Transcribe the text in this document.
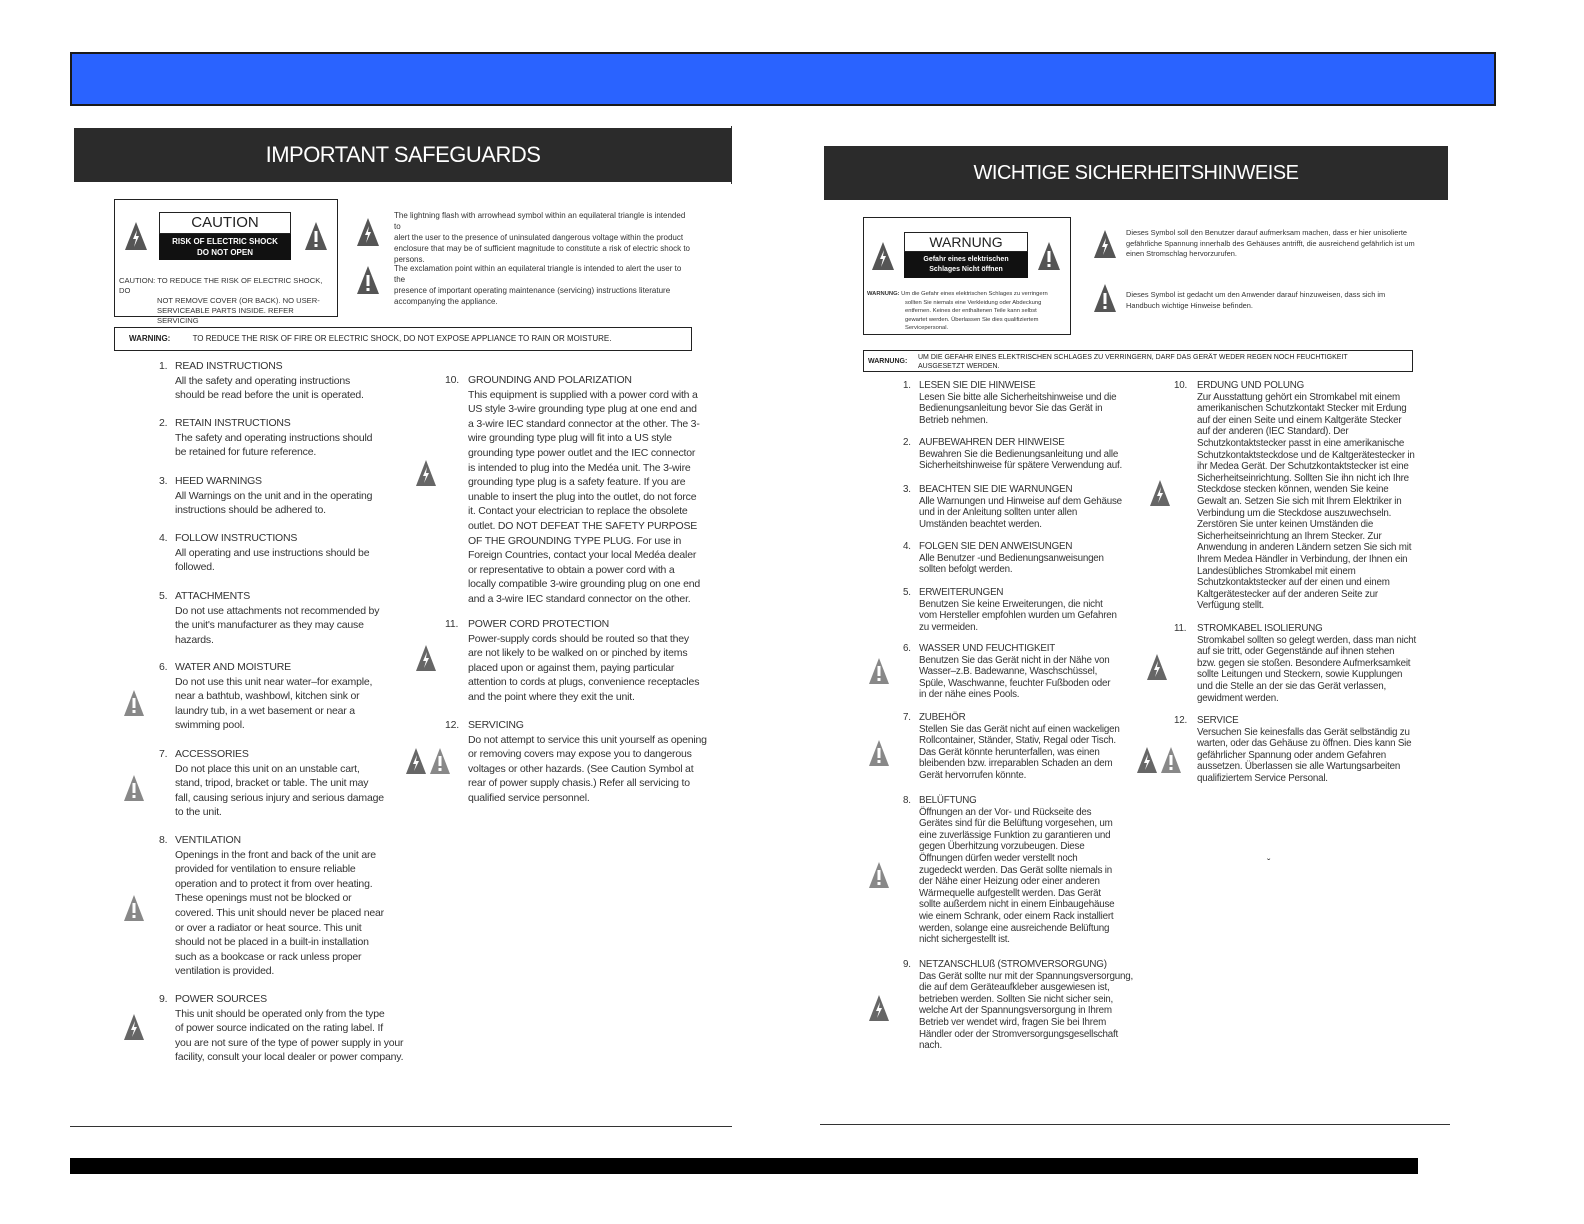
IMPORTANT SAFEGUARDS
CAUTION
RISK OF ELECTRIC SHOCK
DO NOT OPEN
CAUTION: TO REDUCE THE RISK OF ELECTRIC SHOCK, DO
NOT REMOVE COVER (OR BACK). NO USER-
SERVICEABLE PARTS INSIDE. REFER SERVICING
The lightning flash with arrowhead symbol within an equilateral triangle is intended to
alert the user to the presence of uninsulated dangerous voltage within the product
enclosure that may be of sufficient magnitude to constitute a risk of electric shock to
persons.
The exclamation point within an equilateral triangle is intended to alert the user to the
presence of important operating maintenance (servicing) instructions literature
accompanying the appliance.
WARNING:	TO REDUCE THE RISK OF FIRE OR ELECTRIC SHOCK, DO NOT EXPOSE APPLIANCE TO RAIN OR MOISTURE.
1. READ INSTRUCTIONS
All the safety and operating instructions
should be read before the unit is operated.
2. RETAIN INSTRUCTIONS
The safety and operating instructions should
be retained for future reference.
3. HEED WARNINGS
All Warnings on the unit and in the operating
instructions should be adhered to.
4. FOLLOW INSTRUCTIONS
All operating and use instructions should be
followed.
5. ATTACHMENTS
Do not use attachments not recommended by
the unit's manufacturer as they may cause
hazards.
6. WATER AND MOISTURE
Do not use this unit near water–for example,
near a bathtub, washbowl, kitchen sink or
laundry tub, in a wet basement or near a
swimming pool.
7. ACCESSORIES
Do not place this unit on an unstable cart,
stand, tripod, bracket or table. The unit may
fall, causing serious injury and serious damage
to the unit.
8. VENTILATION
Openings in the front and back of the unit are
provided for ventilation to ensure reliable
operation and to protect it from over heating.
These openings must not be blocked or
covered. This unit should never be placed near
or over a radiator or heat source. This unit
should not be placed in a built-in installation
such as a bookcase or rack unless proper
ventilation is provided.
9. POWER SOURCES
This unit should be operated only from the type
of power source indicated on the rating label. If
you are not sure of the type of power supply in your
facility, consult your local dealer or power company.
10. GROUNDING AND POLARIZATION
This equipment is supplied with a power cord with a
US style 3-wire grounding type plug at one end and
a 3-wire IEC standard connector at the other. The 3-
wire grounding type plug will fit into a US style
grounding type power outlet and the IEC connector
is intended to plug into the Medéa unit. The 3-wire
grounding type plug is a safety feature. If you are
unable to insert the plug into the outlet, do not force
it. Contact your electrician to replace the obsolete
outlet. DO NOT DEFEAT THE SAFETY PURPOSE
OF THE GROUNDING TYPE PLUG. For use in
Foreign Countries, contact your local Medéa dealer
or representative to obtain a power cord with a
locally compatible 3-wire grounding plug on one end
and a 3-wire IEC standard connector on the other.
11. POWER CORD PROTECTION
Power-supply cords should be routed so that they
are not likely to be walked on or pinched by items
placed upon or against them, paying particular
attention to cords at plugs, convenience receptacles
and the point where they exit the unit.
12. SERVICING
Do not attempt to service this unit yourself as opening
or removing covers may expose you to dangerous
voltages or other hazards. (See Caution Symbol at
rear of power supply chasis.) Refer all servicing to
qualified service personnel.
WICHTIGE SICHERHEITSHINWEISE
WARNUNG
Gefahr eines elektrischen
Schlages Nicht öffnen
WARNUNG: Um die Gefahr eines elektrischen Schlages zu verringern
sollten Sie niemals eine Verkleidung oder Abdeckung
entfernen. Keines der enthaltenen Teile kann selbst
gewartet werden. Überlassen Sie dies qualifiziertem
Servicepersonal.
Dieses Symbol soll den Benutzer darauf aufmerksam machen, dass er hier unisolierte
gefährliche Spannung innerhalb des Gehäuses antrifft, die ausreichend gefährlich ist um
einen Stromschlag hervorzurufen.
Dieses Symbol ist gedacht um den Anwender darauf hinzuweisen, dass sich im
Handbuch wichtige Hinweise befinden.
WARNUNG:
UM DIE GEFAHR EINES ELEKTRISCHEN SCHLAGES ZU VERRINGERN, DARF DAS GERÄT WEDER REGEN NOCH FEUCHTIGKEIT
AUSGESETZT WERDEN.
ˇ
1. LESEN SIE DIE HINWEISE
Lesen Sie bitte alle Sicherheitshinweise und die
Bedienungsanleitung bevor Sie das Gerät in
Betrieb nehmen.
2. AUFBEWAHREN DER HINWEISE
Bewahren Sie die Bedienungsanleitung und alle
Sicherheitshinweise für spätere Verwendung auf.
3. BEACHTEN SIE DIE WARNUNGEN
Alle Warnungen und Hinweise auf dem Gehäuse
und in der Anleitung sollten unter allen
Umständen beachtet werden.
4. FOLGEN SIE DEN ANWEISUNGEN
Alle Benutzer -und Bedienungsanweisungen
sollten befolgt werden.
5. ERWEITERUNGEN
Benutzen Sie keine Erweiterungen, die nicht
vom Hersteller empfohlen wurden um Gefahren
zu vermeiden.
6. WASSER UND FEUCHTIGKEIT
Benutzen Sie das Gerät nicht in der Nähe von
Wasser–z.B. Badewanne, Waschschüssel,
Spüle, Waschwanne, feuchter Fußboden oder
in der nähe eines Pools.
7. ZUBEHÖR
Stellen Sie das Gerät nicht auf einen wackeligen
Rollcontainer, Ständer, Stativ, Regal oder Tisch.
Das Gerät könnte herunterfallen, was einen
bleibenden bzw. irreparablen Schaden an dem
Gerät hervorrufen könnte.
8. BELÜFTUNG
Öffnungen an der Vor- und Rückseite des
Gerätes sind für die Belüftung vorgesehen, um
eine zuverlässige Funktion zu garantieren und
gegen Überhitzung vorzubeugen. Diese
Öffnungen dürfen weder verstellt noch
zugedeckt werden. Das Gerät sollte niemals in
der Nähe einer Heizung oder einer anderen
Wärmequelle aufgestellt werden. Das Gerät
sollte außerdem nicht in einem Einbaugehäuse
wie einem Schrank, oder einem Rack installiert
werden, solange eine ausreichende Belüftung
nicht sichergestellt ist.
9. NETZANSCHLUß (STROMVERSORGUNG)
Das Gerät sollte nur mit der Spannungsversorgung,
die auf dem Geräteaufkleber ausgewiesen ist,
betrieben werden. Sollten Sie nicht sicher sein,
welche Art der Spannungsversorgung in Ihrem
Betrieb ver wendet wird, fragen Sie bei Ihrem
Händler oder der Stromversorgungsgesellschaft
nach.
10. ERDUNG UND POLUNG
Zur Ausstattung gehört ein Stromkabel mit einem
amerikanischen Schutzkontakt Stecker mit Erdung
auf der einen Seite und einem Kaltgeräte Stecker
auf der anderen (IEC Standard). Der
Schutzkontaktstecker passt in eine amerikanische
Schutzkontaktsteckdose und de Kaltgerätestecker in
ihr Medea Gerät. Der Schutzkontaktstecker ist eine
Sicherheitseinrichtung. Sollten Sie ihn nicht ich Ihre
Steckdose stecken können, wenden Sie keine
Gewalt an. Setzen Sie sich mit Ihrem Elektriker in
Verbindung um die Steckdose auszuwechseln.
Zerstören Sie unter keinen Umständen die
Sicherheitseinrichtung an Ihrem Stecker. Zur
Anwendung in anderen Ländern setzen Sie sich mit
Ihrem Medea Händler in Verbindung, der Ihnen ein
Landesübliches Stromkabel mit einem
Schutzkontaktstecker auf der einen und einem
Kaltgerätestecker auf der anderen Seite zur
Verfügung stellt.
11. STROMKABEL ISOLIERUNG
Stromkabel sollten so gelegt werden, dass man nicht
auf sie tritt, oder Gegenstände auf ihnen stehen
bzw. gegen sie stoßen. Besondere Aufmerksamkeit
sollte Leitungen und Steckern, sowie Kupplungen
und die Stelle an der sie das Gerät verlassen,
gewidment werden.
12. SERVICE
Versuchen Sie keinesfalls das Gerät selbständig zu
warten, oder das Gehäuse zu öffnen. Dies kann Sie
gefährlicher Spannung oder andem Gefahren
aussetzen. Überlassen sie alle Wartungsarbeiten
qualifiziertem Service Personal.
